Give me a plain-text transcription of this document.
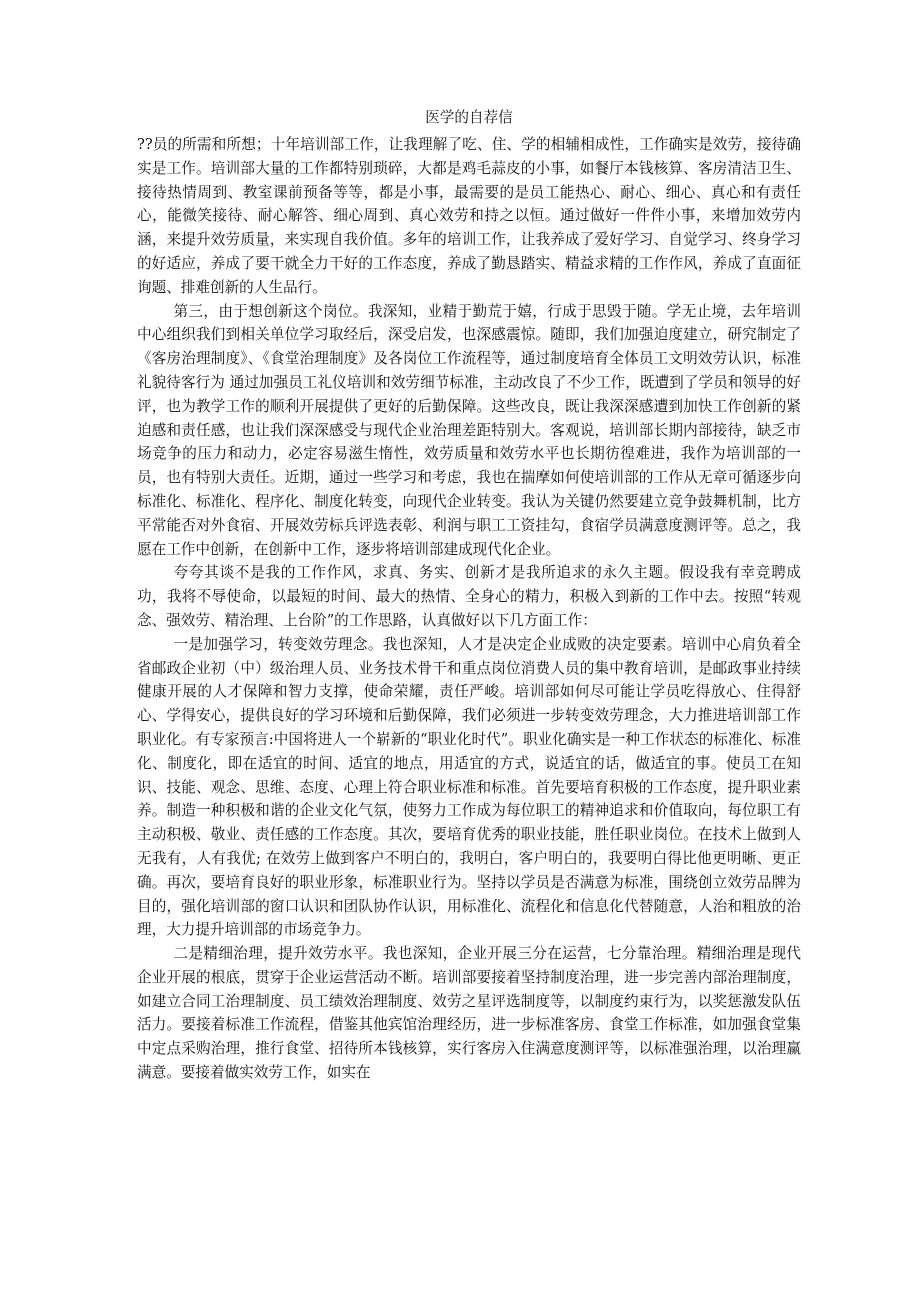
医学的自荐信

??员的所需和所想；十年培训部工作，让我理解了吃、住、学的相辅相成性，工作确实是效劳，接待确实是工作。培训部大量的工作都特别琐碎，大都是鸡毛蒜皮的小事，如餐厅本钱核算、客房清洁卫生、接待热情周到、教室课前预备等等，都是小事，最需要的是员工能热心、耐心、细心、真心和有责任心，能微笑接待、耐心解答、细心周到、真心效劳和持之以恒。通过做好一件件小事，来增加效劳内涵，来提升效劳质量，来实现自我价值。多年的培训工作，让我养成了爱好学习、自觉学习、终身学习的好适应，养成了要干就全力干好的工作态度，养成了勤恳踏实、精益求精的工作作风，养成了直面征询题、排难创新的人生品行。

第三，由于想创新这个岗位。我深知，业精于勤荒于嬉，行成于思毁于随。学无止境，去年培训中心组织我们到相关单位学习取经后，深受启发，也深感震惊。随即，我们加强迫度建立，研究制定了《客房治理制度》、《食堂治理制度》及各岗位工作流程等，通过制度培育全体员工文明效劳认识，标准礼貌待客行为 通过加强员工礼仪培训和效劳细节标准，主动改良了不少工作，既遭到了学员和领导的好评，也为教学工作的顺利开展提供了更好的后勤保障。这些改良，既让我深深感遭到加快工作创新的紧迫感和责任感，也让我们深深感受与现代企业治理差距特别大。客观说，培训部长期内部接待，缺乏市场竞争的压力和动力，必定容易滋生惰性，效劳质量和效劳水平也长期彷徨难进，我作为培训部的一员，也有特别大责任。近期，通过一些学习和考虑，我也在揣摩如何使培训部的工作从无章可循逐步向标准化、标准化、程序化、制度化转变，向现代企业转变。我认为关键仍然要建立竞争鼓舞机制，比方平常能否对外食宿、开展效劳标兵评选表彰、利润与职工工资挂勾，食宿学员满意度测评等。总之，我愿在工作中创新，在创新中工作，逐步将培训部建成现代化企业。

夸夸其谈不是我的工作作风，求真、务实、创新才是我所追求的永久主题。假设我有幸竞聘成功，我将不辱使命，以最短的时间、最大的热情、全身心的精力，积极入到新的工作中去。按照“转观念、强效劳、精治理、上台阶”的工作思路，认真做好以下几方面工作：

一是加强学习，转变效劳理念。我也深知，人才是决定企业成败的决定要素。培训中心肩负着全省邮政企业初（中）级治理人员、业务技术骨干和重点岗位消费人员的集中教育培训，是邮政事业持续健康开展的人才保障和智力支撑，使命荣耀，责任严峻。培训部如何尽可能让学员吃得放心、住得舒心、学得安心，提供良好的学习环境和后勤保障，我们必须进一步转变效劳理念，大力推进培训部工作职业化。有专家预言:中国将进人一个崭新的“职业化时代”。职业化确实是一种工作状态的标准化、标准化、制度化，即在适宜的时间、适宜的地点，用适宜的方式，说适宜的话，做适宜的事。使员工在知识、技能、观念、思维、态度、心理上符合职业标准和标准。首先要培育积极的工作态度，提升职业素养。制造一种积极和谐的企业文化气氛，使努力工作成为每位职工的精神追求和价值取向，每位职工有主动积极、敬业、责任感的工作态度。其次，要培育优秀的职业技能，胜任职业岗位。在技术上做到人无我有，人有我优; 在效劳上做到客户不明白的，我明白，客户明白的，我要明白得比他更明晰、更正确。再次，要培育良好的职业形象，标准职业行为。坚持以学员是否满意为标准，围绕创立效劳品牌为目的，强化培训部的窗口认识和团队协作认识，用标准化、流程化和信息化代替随意，人治和粗放的治理，大力提升培训部的市场竞争力。

二是精细治理，提升效劳水平。我也深知，企业开展三分在运营，七分靠治理。精细治理是现代企业开展的根底，贯穿于企业运营活动不断。培训部要接着坚持制度治理，进一步完善内部治理制度，如建立合同工治理制度、员工绩效治理制度、效劳之星评选制度等，以制度约束行为，以奖惩激发队伍活力。要接着标准工作流程，借鉴其他宾馆治理经历，进一步标准客房、食堂工作标准，如加强食堂集中定点采购治理，推行食堂、招待所本钱核算，实行客房入住满意度测评等，以标准强治理，以治理赢满意。要接着做实效劳工作，如实在
